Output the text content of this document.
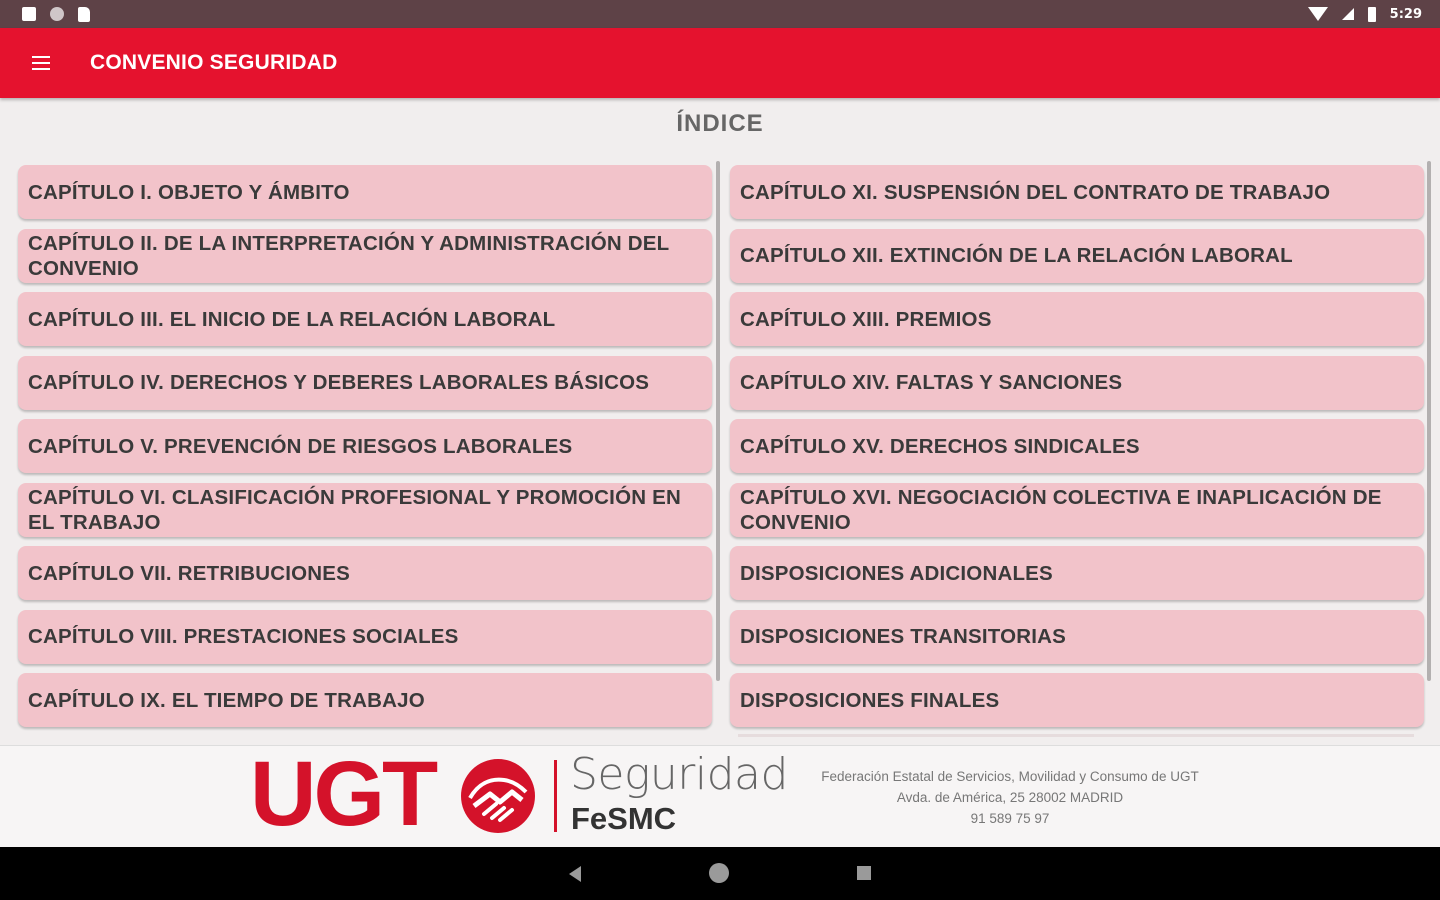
5:29
CONVENIO SEGURIDAD
ÍNDICE
CAPÍTULO I. OBJETO Y ÁMBITO
CAPÍTULO II. DE LA INTERPRETACIÓN Y ADMINISTRACIÓN DEL CONVENIO
CAPÍTULO III. EL INICIO DE LA RELACIÓN LABORAL
CAPÍTULO IV. DERECHOS Y DEBERES LABORALES BÁSICOS
CAPÍTULO V. PREVENCIÓN DE RIESGOS LABORALES
CAPÍTULO VI. CLASIFICACIÓN PROFESIONAL Y PROMOCIÓN EN EL TRABAJO
CAPÍTULO VII. RETRIBUCIONES
CAPÍTULO VIII. PRESTACIONES SOCIALES
CAPÍTULO IX. EL TIEMPO DE TRABAJO
CAPÍTULO XI. SUSPENSIÓN DEL CONTRATO DE TRABAJO
CAPÍTULO XII. EXTINCIÓN DE LA RELACIÓN LABORAL
CAPÍTULO XIII. PREMIOS
CAPÍTULO XIV. FALTAS Y SANCIONES
CAPÍTULO XV. DERECHOS SINDICALES
CAPÍTULO XVI. NEGOCIACIÓN COLECTIVA E INAPLICACIÓN DE CONVENIO
DISPOSICIONES ADICIONALES
DISPOSICIONES TRANSITORIAS
DISPOSICIONES FINALES
UGT	Seguridad
FeSMC
Federación Estatal de Servicios, Movilidad y Consumo de UGT
Avda. de América, 25 28002 MADRID
91 589 75 97
